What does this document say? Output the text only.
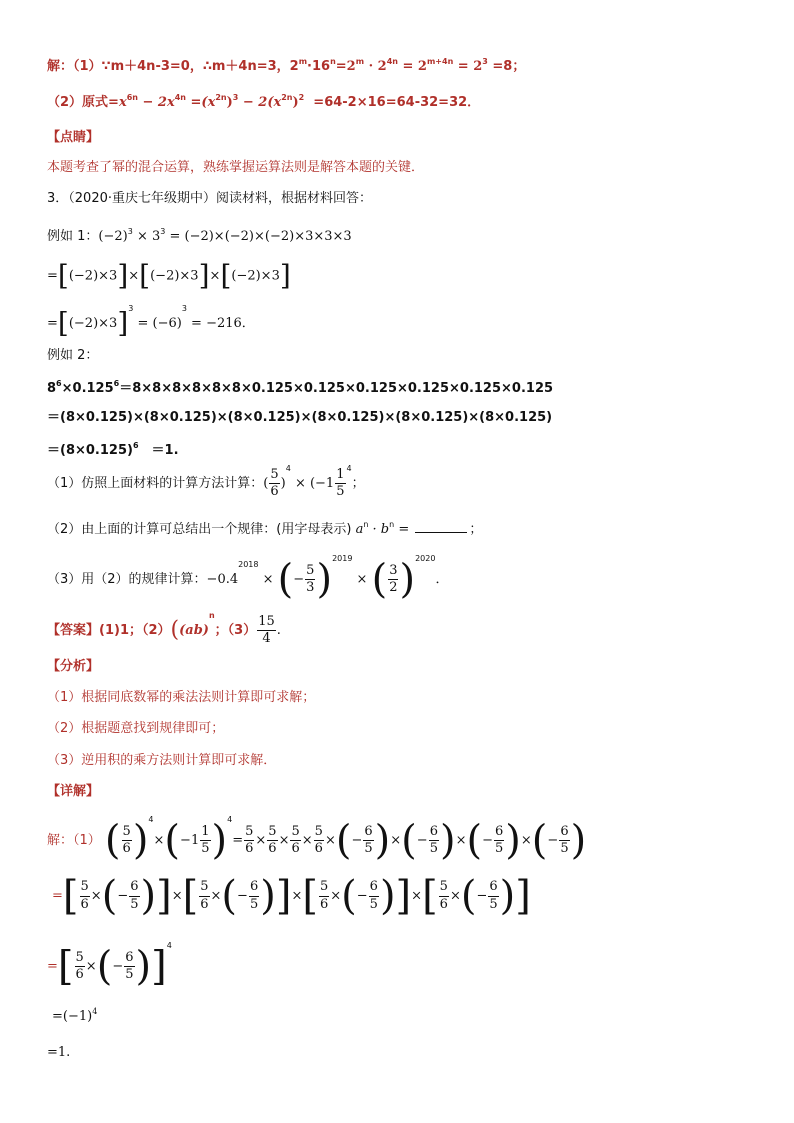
解：（1）∵m＋4n-3=0，∴m＋4n=3，$2^m\cdot 16^n=2^m \cdot 2^{4n} = 2^{m+4n} = 2^3 =8$；
（2）原式$=x^{6n} - 2x^{4n} =(x^{2n})^3 - 2(x^{2n})^2 =64-2\times 16=64-32=32$．
【点睛】
本题考查了幂的混合运算，熟练掌握运算法则是解答本题的关键．
3．（2020·重庆七年级期中）阅读材料，根据材料回答：
例如 1：$(-2)^3 \times 3^3 = (-2)\times(-2)\times(-2)\times 3\times 3\times 3$
=[(−2)×3]×[(−2)×3]×[(−2)×3]
$=[(-2)\times 3]^3 = (-6)^3 = -216$．
例如 2：
$8^6\times 0.125^6=8\times 8\times 8\times 8\times 8\times 8\times 0.125\times 0.125\times 0.125\times 0.125\times 0.125\times 0.125$
＝(8×0.125)×(8×0.125)×(8×0.125)×(8×0.125)×(8×0.125)×(8×0.125)
$=(8\times 0.125)^6$　＝1.
（1）仿照上面材料的计算方法计算：( $\frac{5}{6} )^4 \times (-1 \frac{1}{5} ^4$；
（2）由上面的计算可总结出一个规律：(用字母表示) $a^n \cdot b^n$ =	；
（3）用（2）的规律计算：$-0.4^{2018}$ × (− $\frac{5}{3} )^{2019}$ × ( $\frac{3}{2} )^{2020}$．
【答案】(1)1；（2）((ab)$^n$；$(3) \frac{15}{4}$ .
【分析】
（1）根据同底数幂的乘法法则计算即可求解；
（2）根据题意找到规律即可；
（3）逆用积的乘方法则计算即可求解．
【详解】
解：（1） ( $\frac{5}{6} )^4\times(-1 \frac{1}{5} )^4= \frac{5}{6} \times \frac{5}{6} \times \frac{5}{6} \times \frac{5}{6}$ ×(− $\frac{6}{5}$ )×(− $\frac{6}{5}$ )×(− $\frac{6}{5}$ )×(− $\frac{6}{5}$ )
=[ $\frac{5}{6}$ ×(− $\frac{6}{5}$ )]×[ $\frac{5}{6}$ ×(− $\frac{6}{5}$ )]×[ $\frac{5}{6}$ ×(− $\frac{6}{5}$ )]×[ $\frac{5}{6}$ ×(− $\frac{6}{5}$ )]
=[ $\frac{5}{6}$ ×(− $\frac{6}{5} )]^4$
$=(-1)^4$
=1.
